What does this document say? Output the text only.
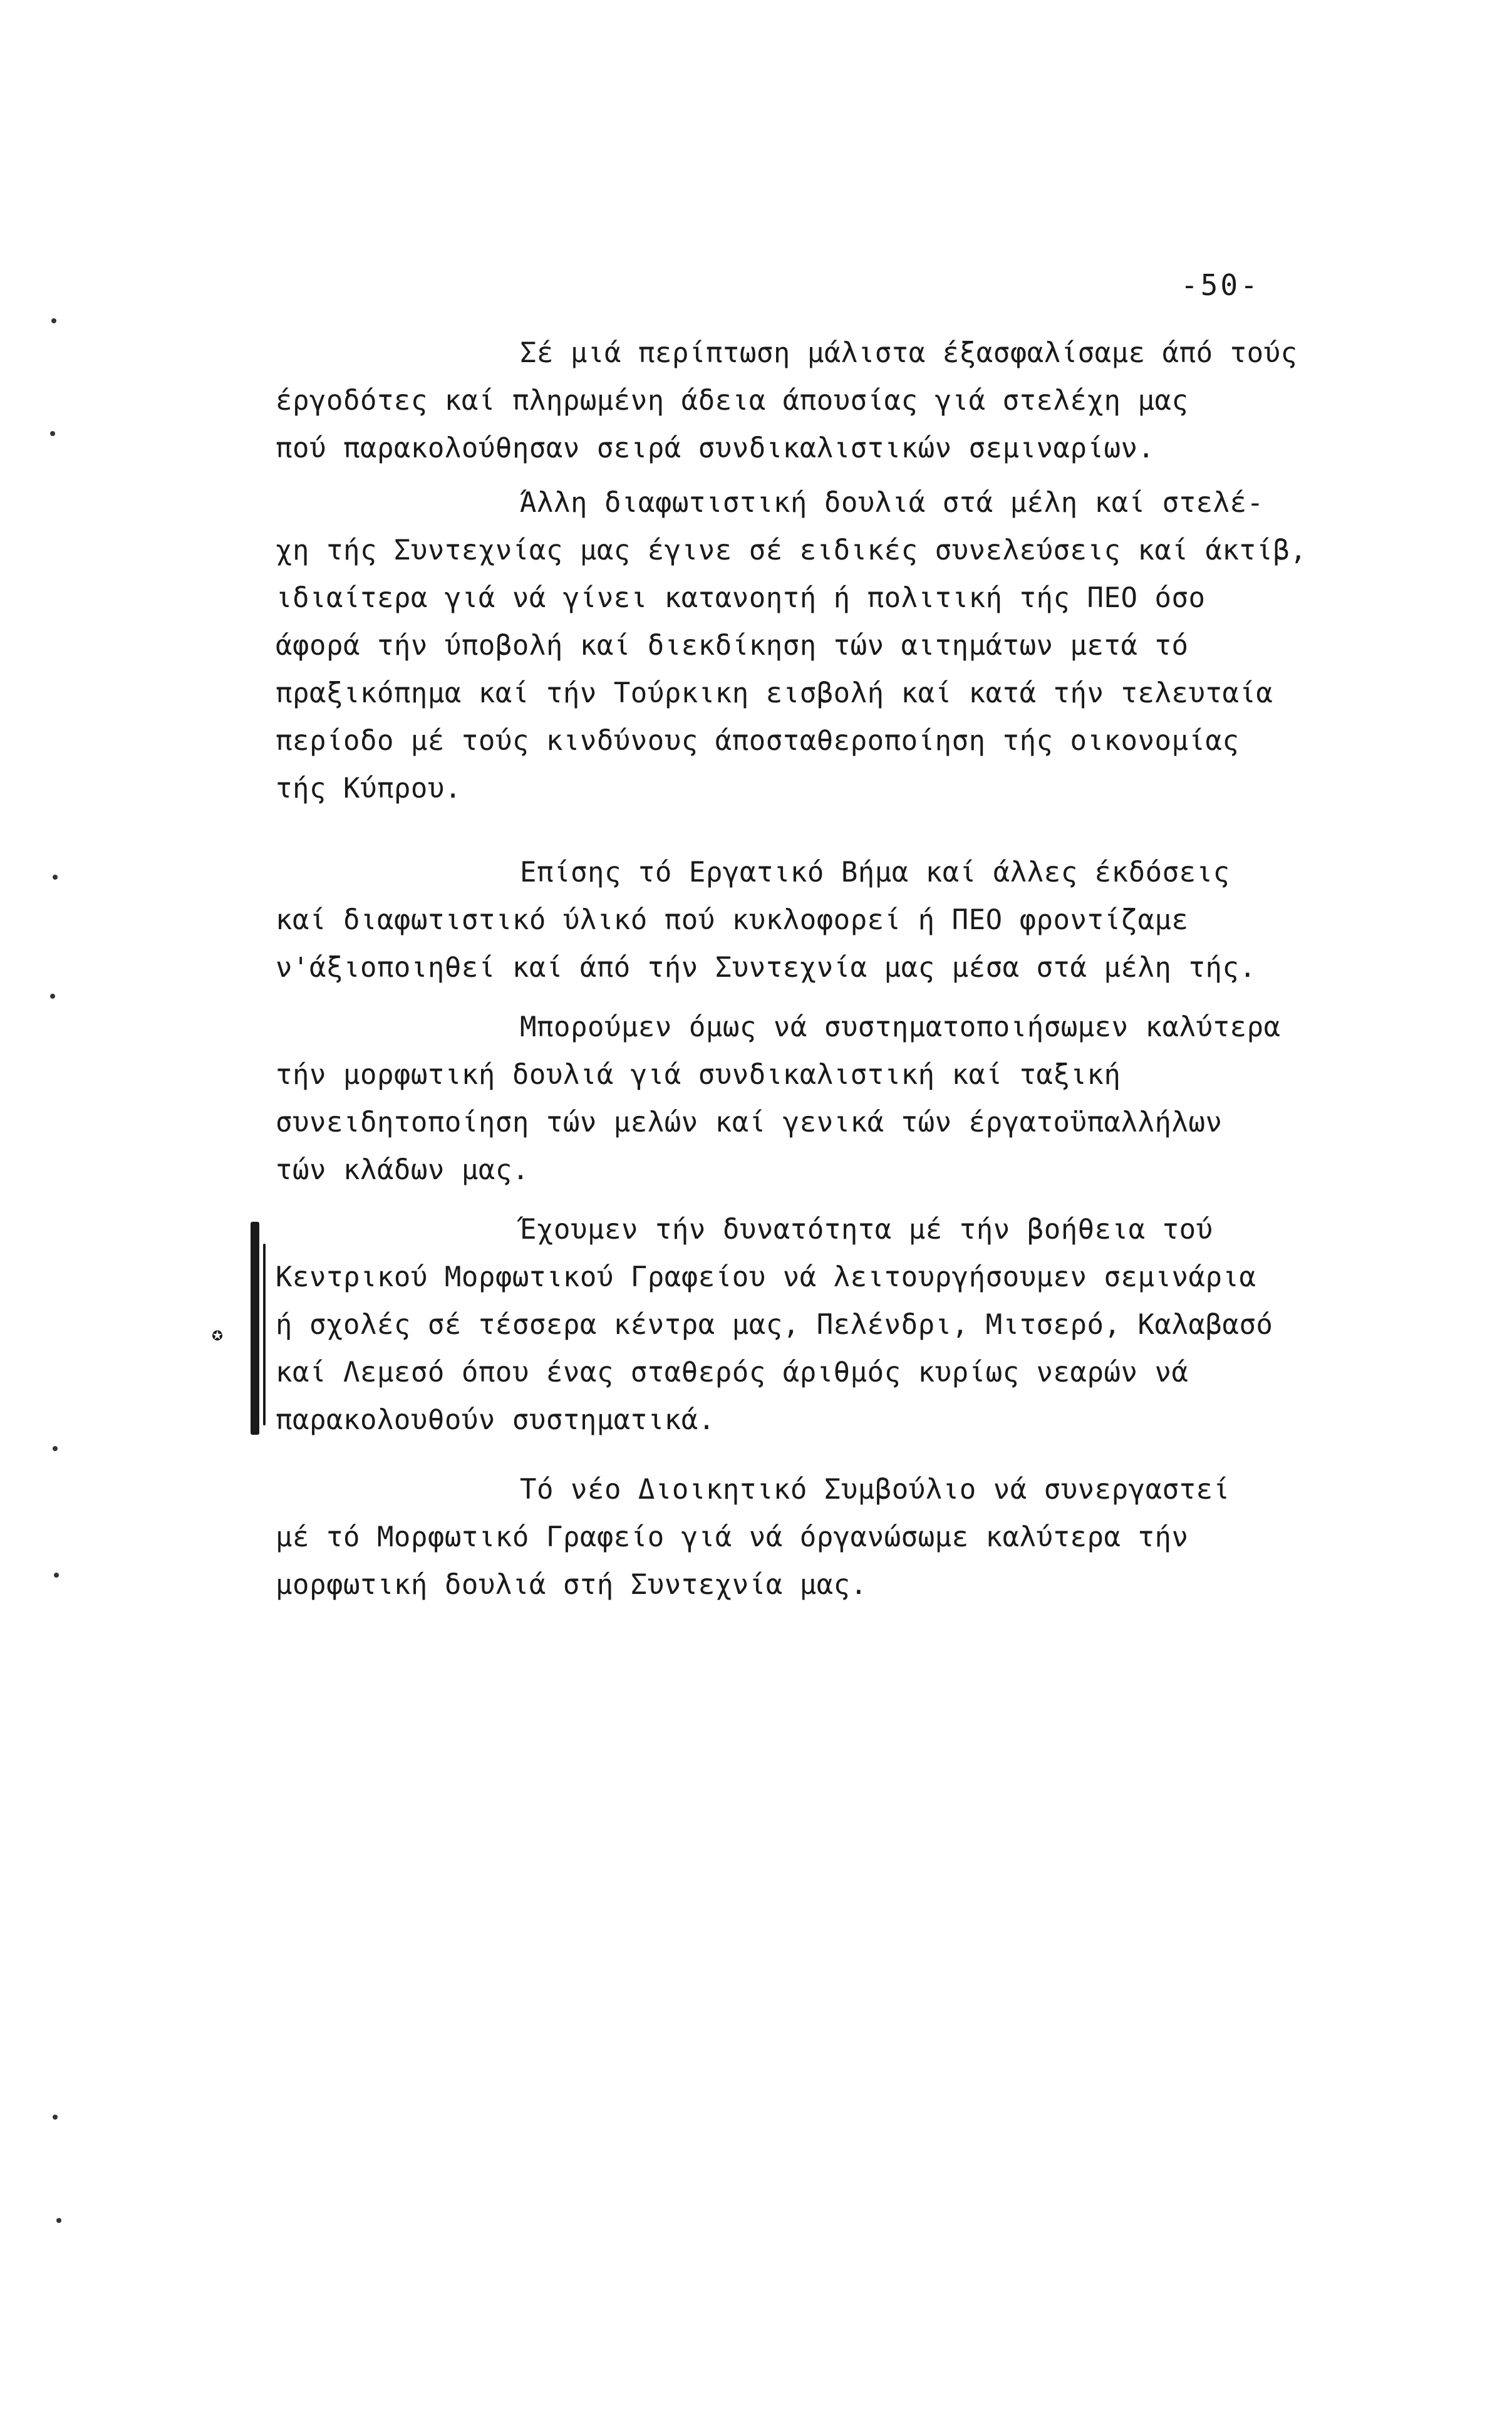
-50-
Σέ μιά περίπτωση μάλιστα έξασφαλίσαμε άπό τούς
έργοδότες καί πληρωμένη άδεια άπουσίας γιά στελέχη μας
πού παρακολούθησαν σειρά συνδικαλιστικών σεμιναρίων.
Άλλη διαφωτιστική δουλιά στά μέλη καί στελέ-
χη τής Συντεχνίας μας έγινε σέ ειδικές συνελεύσεις καί άκτίβ,
ιδιαίτερα γιά νά γίνει κατανοητή ή πολιτική τής ΠΕΟ όσο
άφορά τήν ύποβολή καί διεκδίκηση τών αιτημάτων μετά τό
πραξικόπημα καί τήν Τούρκικη εισβολή καί κατά τήν τελευταία
περίοδο μέ τούς κινδύνους άποσταθεροποίηση τής οικονομίας
τής Κύπρου.
Επίσης τό Εργατικό Βήμα καί άλλες έκδόσεις
καί διαφωτιστικό ύλικό πού κυκλοφορεί ή ΠΕΟ φροντίζαμε
ν'άξιοποιηθεί καί άπό τήν Συντεχνία μας μέσα στά μέλη τής.
Μπορούμεν όμως νά συστηματοποιήσωμεν καλύτερα
τήν μορφωτική δουλιά γιά συνδικαλιστική καί ταξική
συνειδητοποίηση τών μελών καί γενικά τών έργατοϋπαλλήλων
τών κλάδων μας.
✪
Έχουμεν τήν δυνατότητα μέ τήν βοήθεια τού
Κεντρικού Μορφωτικού Γραφείου νά λειτουργήσουμεν σεμινάρια
ή σχολές σέ τέσσερα κέντρα μας, Πελένδρι, Μιτσερό, Καλαβασό
καί Λεμεσό όπου ένας σταθερός άριθμός κυρίως νεαρών νά
παρακολουθούν συστηματικά.
Τό νέο Διοικητικό Συμβούλιο νά συνεργαστεί
μέ τό Μορφωτικό Γραφείο γιά νά όργανώσωμε καλύτερα τήν
μορφωτική δουλιά στή Συντεχνία μας.
